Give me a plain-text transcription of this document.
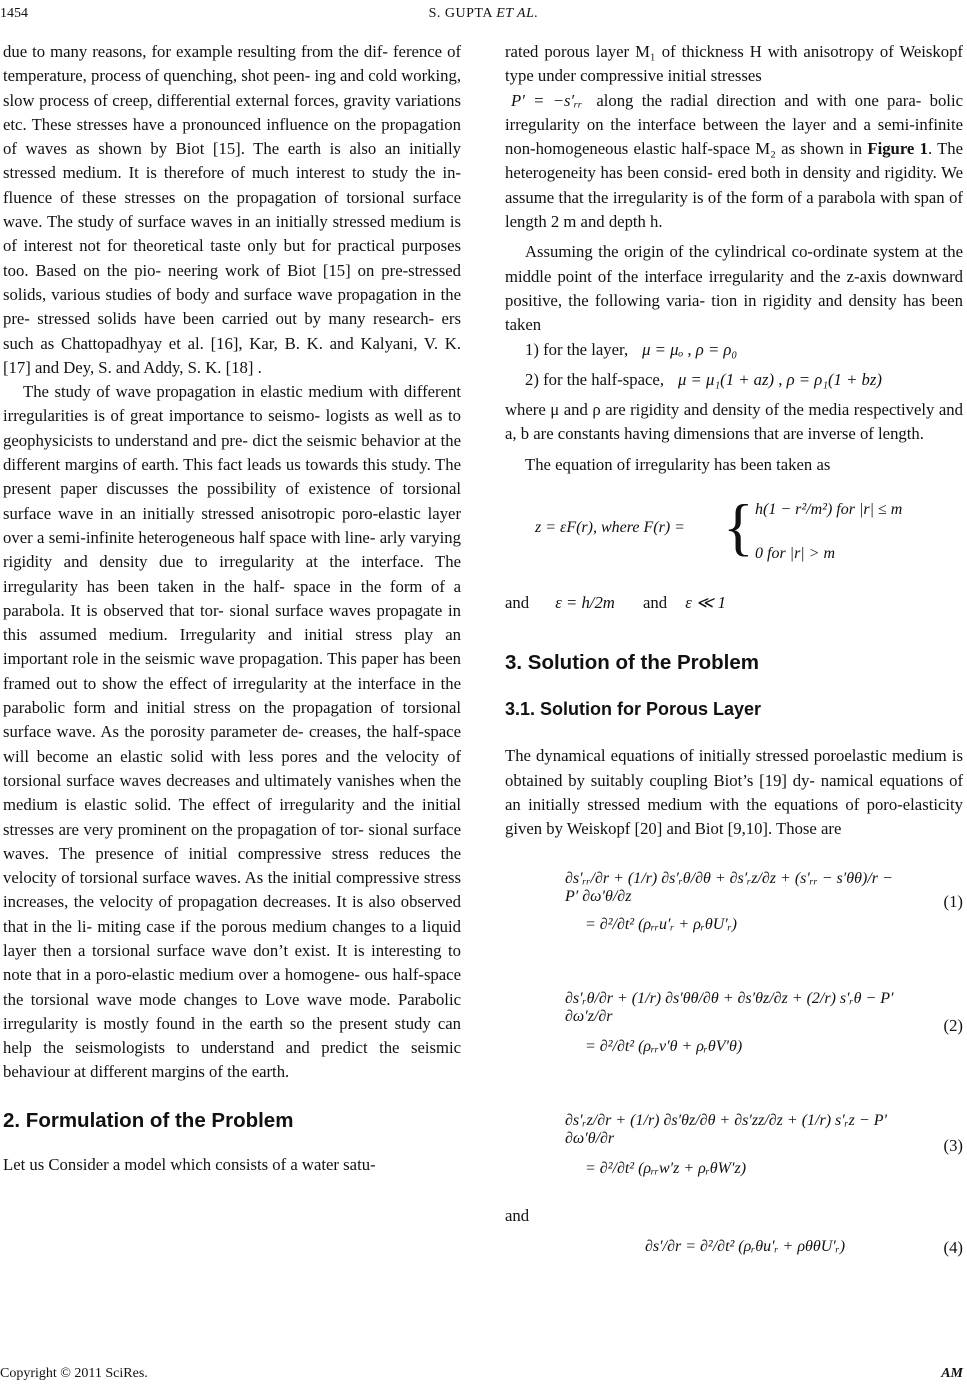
1454	S. GUPTA ET AL.

due to many reasons, for example resulting from the dif- ference of temperature, process of quenching, shot peen- ing and cold working, slow process of creep, differential external forces, gravity variations etc. These stresses have a pronounced influence on the propagation of waves as shown by Biot [15]. The earth is also an initially stressed medium. It is therefore of much interest to study the in- fluence of these stresses on the propagation of torsional surface wave. The study of surface waves in an initially stressed medium is of interest not for theoretical taste only but for practical purposes too. Based on the pio- neering work of Biot [15] on pre-stressed solids, various studies of body and surface wave propagation in the pre- stressed solids have been carried out by many research- ers such as Chattopadhyay et al. [16], Kar, B. K. and Kalyani, V. K. [17] and Dey, S. and Addy, S. K. [18] .

The study of wave propagation in elastic medium with different irregularities is of great importance to seismo- logists as well as to geophysicists to understand and pre- dict the seismic behavior at the different margins of earth. This fact leads us towards this study. The present paper discusses the possibility of existence of torsional surface wave in an initially stressed anisotropic poro-elastic layer over a semi-infinite heterogeneous half space with line- arly varying rigidity and density due to irregularity at the interface. The irregularity has been taken in the half- space in the form of a parabola. It is observed that tor- sional surface waves propagate in this assumed medium. Irregularity and initial stress play an important role in the seismic wave propagation. This paper has been framed out to show the effect of irregularity at the interface in the parabolic form and initial stress on the propagation of torsional surface wave. As the porosity parameter de- creases, the half-space will become an elastic solid with less pores and the velocity of torsional surface waves decreases and ultimately vanishes when the medium is elastic solid. The effect of irregularity and the initial stresses are very prominent on the propagation of tor- sional surface waves. The presence of initial compressive stress reduces the velocity of torsional surface waves. As the initial compressive stress increases, the velocity of propagation decreases. It is also observed that in the li- miting case if the porous medium changes to a liquid layer then a torsional surface wave don’t exist. It is interesting to note that in a poro-elastic medium over a homogene- ous half-space the torsional wave mode changes to Love wave mode. Parabolic irregularity is mostly found in the earth so the present study can help the seismologists to understand and predict the seismic behaviour at different margins of the earth.

2. Formulation of the Problem

Let us Consider a model which consists of a water satu-

rated porous layer M₁ of thickness H with anisotropy of Weiskopf type under compressive initial stresses
P′ = −s′ᵣᵣ along the radial direction and with one para- bolic irregularity on the interface between the layer and a semi-infinite non-homogeneous elastic half-space M₂ as shown in Figure 1. The heterogeneity has been consid- ered both in density and rigidity. We assume that the irregularity is of the form of a parabola with span of length 2 m and depth h.

Assuming the origin of the cylindrical co-ordinate system at the middle point of the interface irregularity and the z-axis downward positive, the following varia- tion in rigidity and density has been taken

1) for the layer, μ = μₒ , ρ = ρ₀
2) for the half-space, μ = μ₁(1 + az) , ρ = ρ₁(1 + bz)

where μ and ρ are rigidity and density of the media respectively and a, b are constants having dimensions that are inverse of length.

The equation of irregularity has been taken as

z = εF(r), where F(r) = { h(1 − r²/m²) for |r| ≤ m
0 for |r| > m
and ε = h/2m and ε ≪ 1
3. Solution of the Problem
3.1. Solution for Porous Layer

The dynamical equations of initially stressed poroelastic medium is obtained by suitably coupling Biot’s [19] dy- namical equations of an initially stressed medium with the equations of poro-elasticity given by Weiskopf [20] and Biot [9,10]. Those are

∂s′ᵣᵣ/∂r + (1/r) ∂s′ᵣθ/∂θ + ∂s′ᵣz/∂z + (s′ᵣᵣ − s′θθ)/r − P′ ∂ω′θ/∂z
= ∂²/∂t² (ρᵣᵣu′ᵣ + ρᵣθU′ᵣ)
(1)
∂s′ᵣθ/∂r + (1/r) ∂s′θθ/∂θ + ∂s′θz/∂z + (2/r) s′ᵣθ − P′ ∂ω′z/∂r
= ∂²/∂t² (ρᵣᵣv′θ + ρᵣθV′θ)
(2)
∂s′ᵣz/∂r + (1/r) ∂s′θz/∂θ + ∂s′zz/∂z + (1/r) s′ᵣz − P′ ∂ω′θ/∂r
= ∂²/∂t² (ρᵣᵣw′z + ρᵣθW′z)
(3)
and
∂s′/∂r = ∂²/∂t² (ρᵣθu′ᵣ + ρθθU′ᵣ)	(4)
Copyright © 2011 SciRes.	AM
